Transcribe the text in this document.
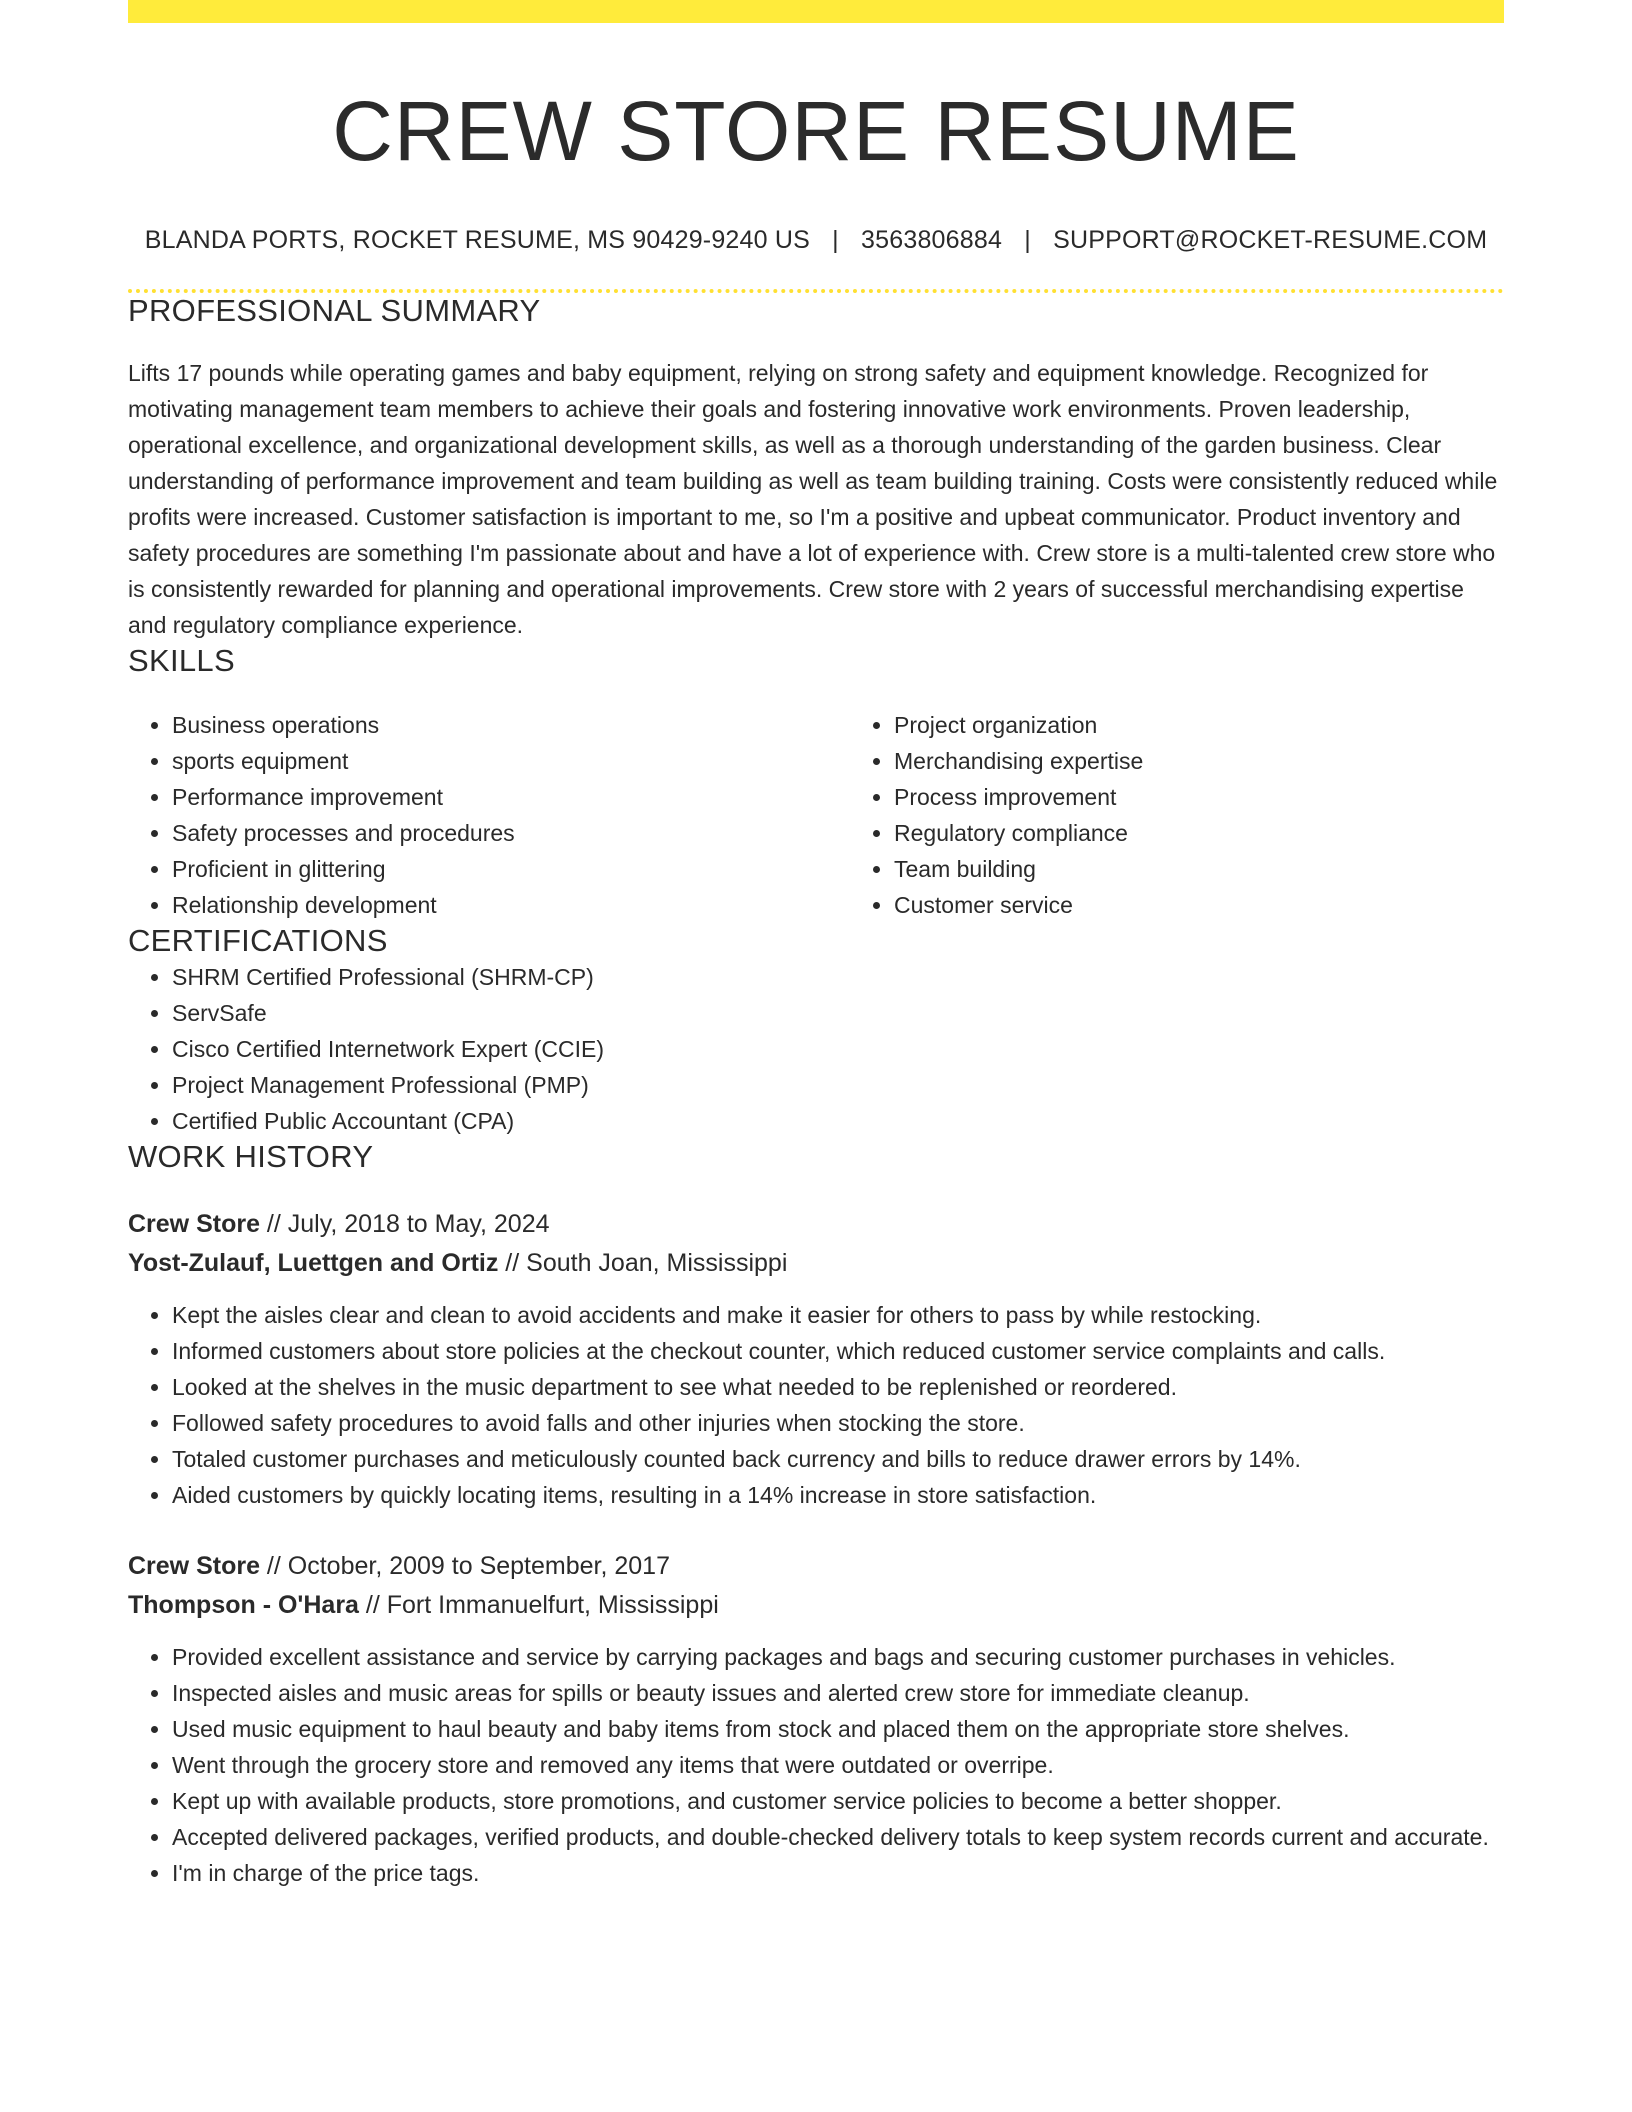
CREW STORE RESUME
BLANDA PORTS, ROCKET RESUME, MS 90429-9240 US | 3563806884 | SUPPORT@ROCKET-RESUME.COM
PROFESSIONAL SUMMARY

Lifts 17 pounds while operating games and baby equipment, relying on strong safety and equipment knowledge. Recognized for motivating management team members to achieve their goals and fostering innovative work environments. Proven leadership, operational excellence, and organizational development skills, as well as a thorough understanding of the garden business. Clear understanding of performance improvement and team building as well as team building training. Costs were consistently reduced while profits were increased. Customer satisfaction is important to me, so I'm a positive and upbeat communicator. Product inventory and safety procedures are something I'm passionate about and have a lot of experience with. Crew store is a multi-talented crew store who is consistently rewarded for planning and operational improvements. Crew store with 2 years of successful merchandising expertise and regulatory compliance experience.

SKILLS
• Business operations
• sports equipment
• Performance improvement
• Safety processes and procedures
• Proficient in glittering
• Relationship development
• Project organization
• Merchandising expertise
• Process improvement
• Regulatory compliance
• Team building
• Customer service
CERTIFICATIONS
• SHRM Certified Professional (SHRM-CP)
• ServSafe
• Cisco Certified Internetwork Expert (CCIE)
• Project Management Professional (PMP)
• Certified Public Accountant (CPA)
WORK HISTORY
Crew Store // July, 2018 to May, 2024
Yost-Zulauf, Luettgen and Ortiz // South Joan, Mississippi
• Kept the aisles clear and clean to avoid accidents and make it easier for others to pass by while restocking.
• Informed customers about store policies at the checkout counter, which reduced customer service complaints and calls.
• Looked at the shelves in the music department to see what needed to be replenished or reordered.
• Followed safety procedures to avoid falls and other injuries when stocking the store.
• Totaled customer purchases and meticulously counted back currency and bills to reduce drawer errors by 14%.
• Aided customers by quickly locating items, resulting in a 14% increase in store satisfaction.
Crew Store // October, 2009 to September, 2017
Thompson - O'Hara // Fort Immanuelfurt, Mississippi
• Provided excellent assistance and service by carrying packages and bags and securing customer purchases in vehicles.
• Inspected aisles and music areas for spills or beauty issues and alerted crew store for immediate cleanup.
• Used music equipment to haul beauty and baby items from stock and placed them on the appropriate store shelves.
• Went through the grocery store and removed any items that were outdated or overripe.
• Kept up with available products, store promotions, and customer service policies to become a better shopper.
• Accepted delivered packages, verified products, and double-checked delivery totals to keep system records current and accurate.
• I'm in charge of the price tags.
